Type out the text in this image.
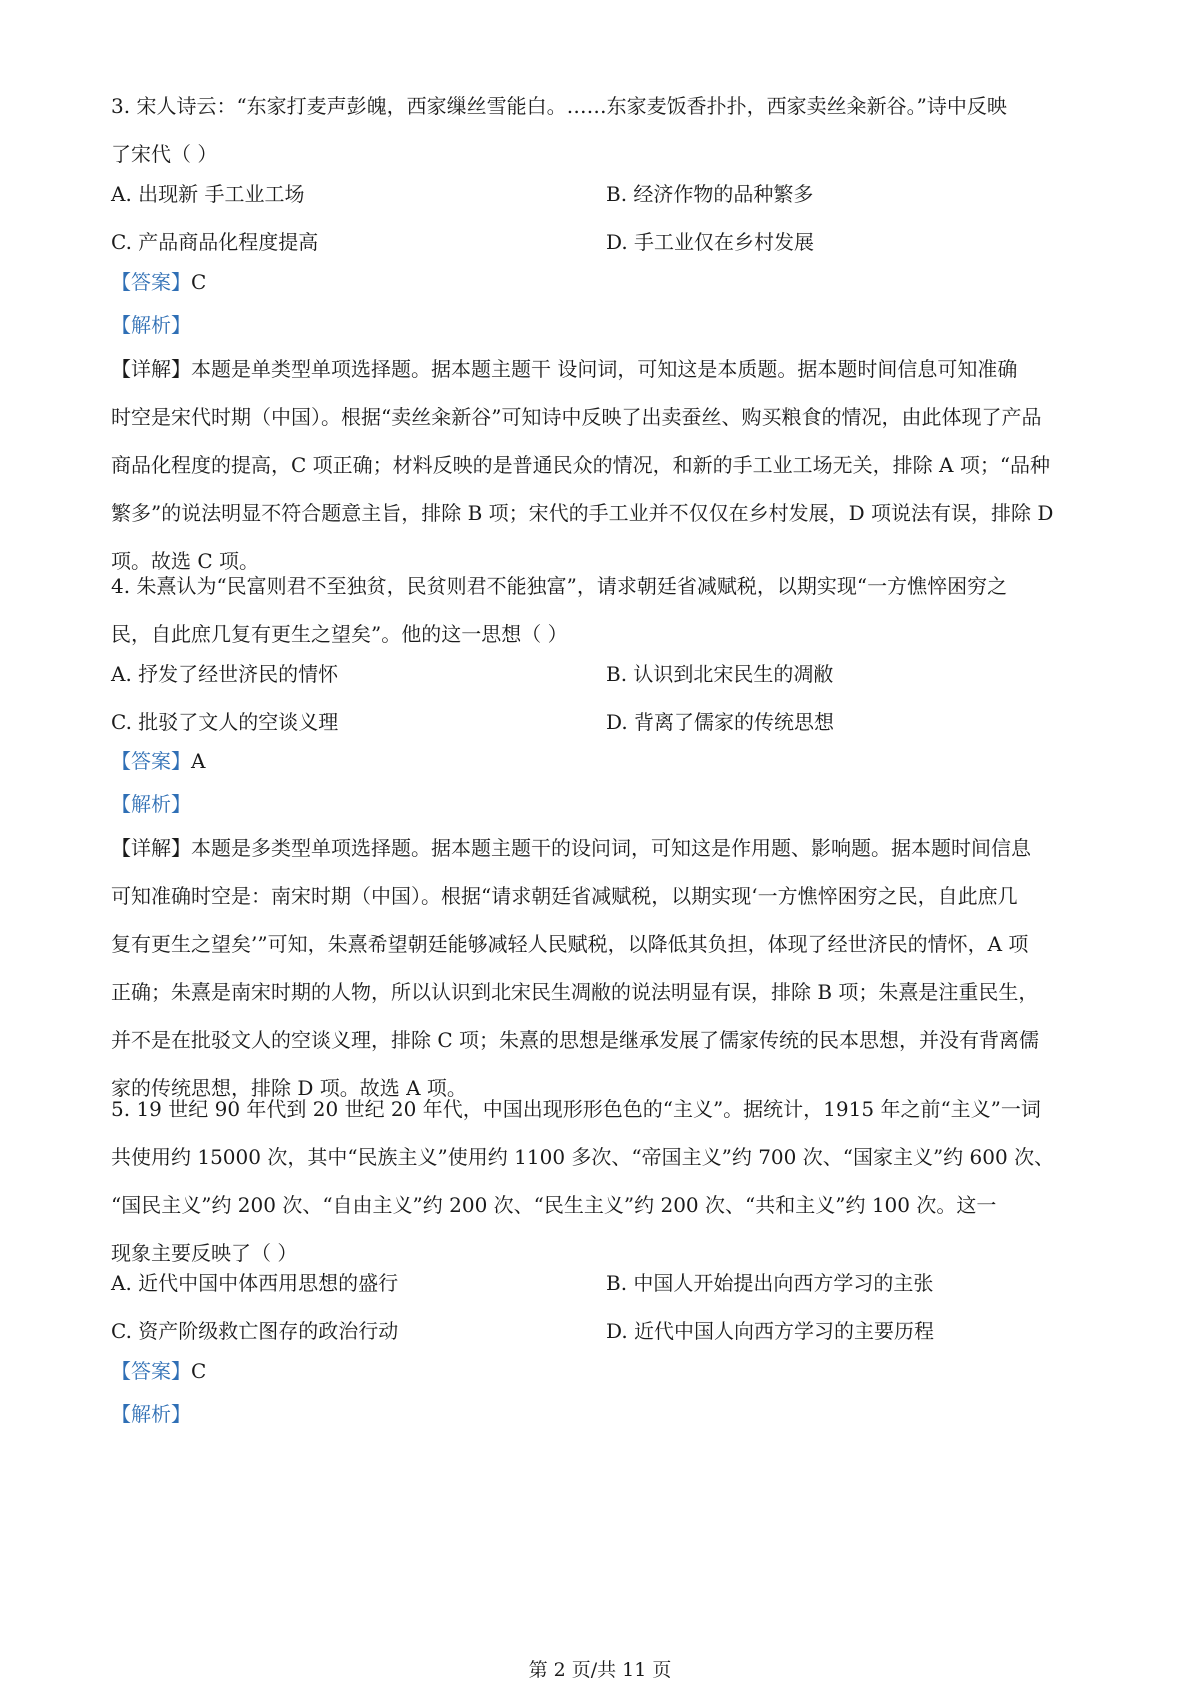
3. 宋人诗云：“东家打麦声彭魄，西家缫丝雪能白。……东家麦饭香扑扑，西家卖丝籴新谷。”诗中反映
了宋代（ ）
A. 出现新 手工业工场	B. 经济作物的品种繁多
C. 产品商品化程度提高	D. 手工业仅在乡村发展
【答案】C
【解析】
【详解】本题是单类型单项选择题。据本题主题干 设问词，可知这是本质题。据本题时间信息可知准确
时空是宋代时期（中国）。根据“卖丝籴新谷”可知诗中反映了出卖蚕丝、购买粮食的情况，由此体现了产品
商品化程度的提高，C 项正确；材料反映的是普通民众的情况，和新的手工业工场无关，排除 A 项；“品种
繁多”的说法明显不符合题意主旨，排除 B 项；宋代的手工业并不仅仅在乡村发展，D 项说法有误，排除 D
项。故选 C 项。
4. 朱熹认为“民富则君不至独贫，民贫则君不能独富”，请求朝廷省减赋税，以期实现“一方憔悴困穷之
民，自此庶几复有更生之望矣”。他的这一思想（ ）
A. 抒发了经世济民的情怀	B. 认识到北宋民生的凋敝
C. 批驳了文人的空谈义理	D. 背离了儒家的传统思想
【答案】A
【解析】
【详解】本题是多类型单项选择题。据本题主题干的设问词，可知这是作用题、影响题。据本题时间信息
可知准确时空是：南宋时期（中国）。根据“请求朝廷省减赋税，以期实现‘一方憔悴困穷之民，自此庶几
复有更生之望矣’”可知，朱熹希望朝廷能够减轻人民赋税，以降低其负担，体现了经世济民的情怀，A 项
正确；朱熹是南宋时期的人物，所以认识到北宋民生凋敝的说法明显有误，排除 B 项；朱熹是注重民生，
并不是在批驳文人的空谈义理，排除 C 项；朱熹的思想是继承发展了儒家传统的民本思想，并没有背离儒
家的传统思想，排除 D 项。故选 A 项。
5. 19 世纪 90 年代到 20 世纪 20 年代，中国出现形形色色的“主义”。据统计，1915 年之前“主义”一词
共使用约 15000 次，其中“民族主义”使用约 1100 多次、“帝国主义”约 700 次、“国家主义”约 600 次、
“国民主义”约 200 次、“自由主义”约 200 次、“民生主义”约 200 次、“共和主义”约 100 次。这一
现象主要反映了（ ）
A. 近代中国中体西用思想的盛行	B. 中国人开始提出向西方学习的主张
C. 资产阶级救亡图存的政治行动	D. 近代中国人向西方学习的主要历程
【答案】C
【解析】
第 2 页/共 11 页
